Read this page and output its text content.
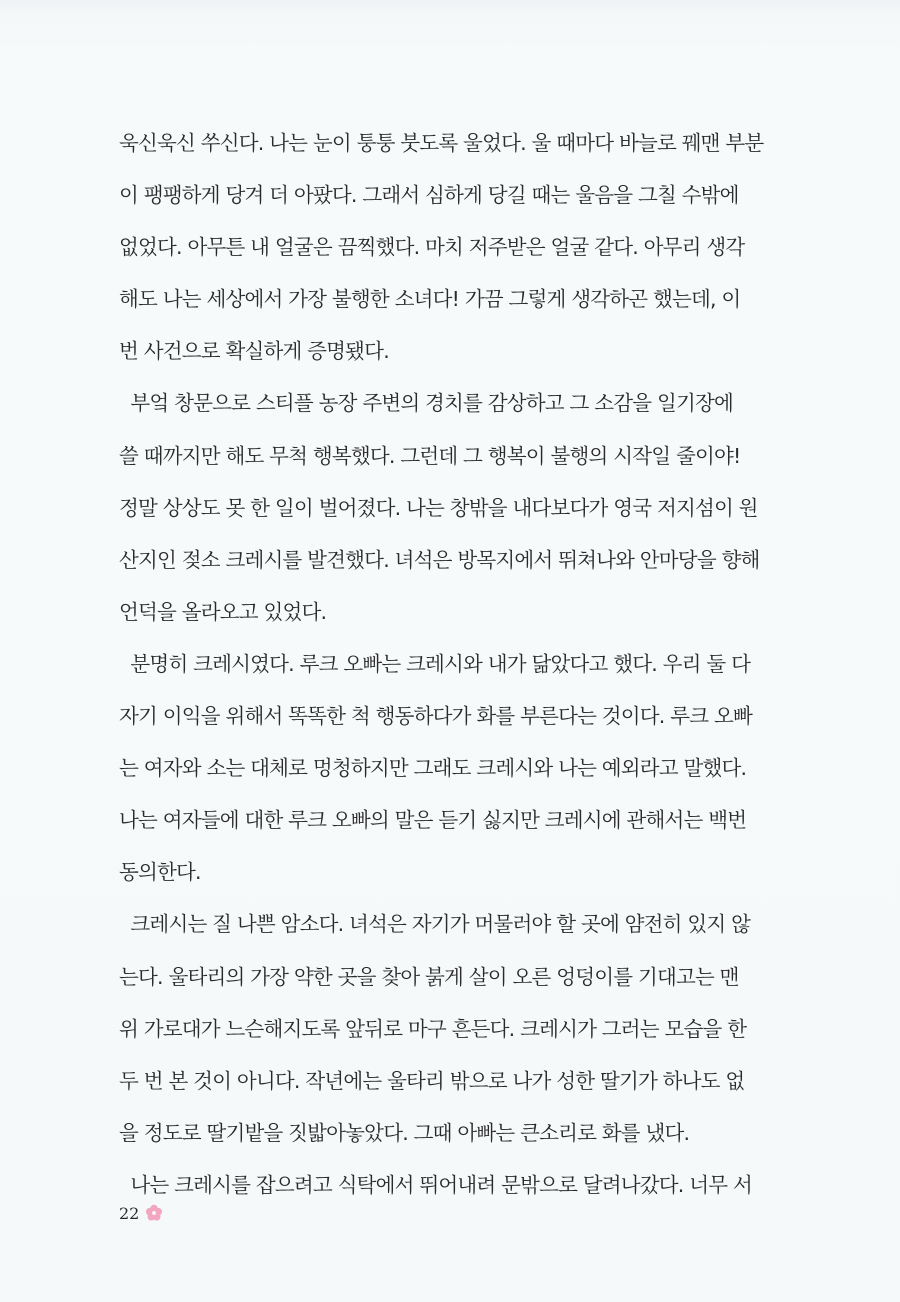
욱신욱신 쑤신다. 나는 눈이 퉁퉁 붓도록 울었다. 울 때마다 바늘로 꿰맨 부분
이 팽팽하게 당겨 더 아팠다. 그래서 심하게 당길 때는 울음을 그칠 수밖에
없었다. 아무튼 내 얼굴은 끔찍했다. 마치 저주받은 얼굴 같다. 아무리 생각
해도 나는 세상에서 가장 불행한 소녀다! 가끔 그렇게 생각하곤 했는데, 이
번 사건으로 확실하게 증명됐다.
부엌 창문으로 스티플 농장 주변의 경치를 감상하고 그 소감을 일기장에
쓸 때까지만 해도 무척 행복했다. 그런데 그 행복이 불행의 시작일 줄이야!
정말 상상도 못 한 일이 벌어졌다. 나는 창밖을 내다보다가 영국 저지섬이 원
산지인 젖소 크레시를 발견했다. 녀석은 방목지에서 뛰쳐나와 안마당을 향해
언덕을 올라오고 있었다.
분명히 크레시였다. 루크 오빠는 크레시와 내가 닮았다고 했다. 우리 둘 다
자기 이익을 위해서 똑똑한 척 행동하다가 화를 부른다는 것이다. 루크 오빠
는 여자와 소는 대체로 멍청하지만 그래도 크레시와 나는 예외라고 말했다.
나는 여자들에 대한 루크 오빠의 말은 듣기 싫지만 크레시에 관해서는 백번
동의한다.
크레시는 질 나쁜 암소다. 녀석은 자기가 머물러야 할 곳에 얌전히 있지 않
는다. 울타리의 가장 약한 곳을 찾아 붉게 살이 오른 엉덩이를 기대고는 맨
위 가로대가 느슨해지도록 앞뒤로 마구 흔든다. 크레시가 그러는 모습을 한
두 번 본 것이 아니다. 작년에는 울타리 밖으로 나가 성한 딸기가 하나도 없
을 정도로 딸기밭을 짓밟아놓았다. 그때 아빠는 큰소리로 화를 냈다.
나는 크레시를 잡으려고 식탁에서 뛰어내려 문밖으로 달려나갔다. 너무 서
22
